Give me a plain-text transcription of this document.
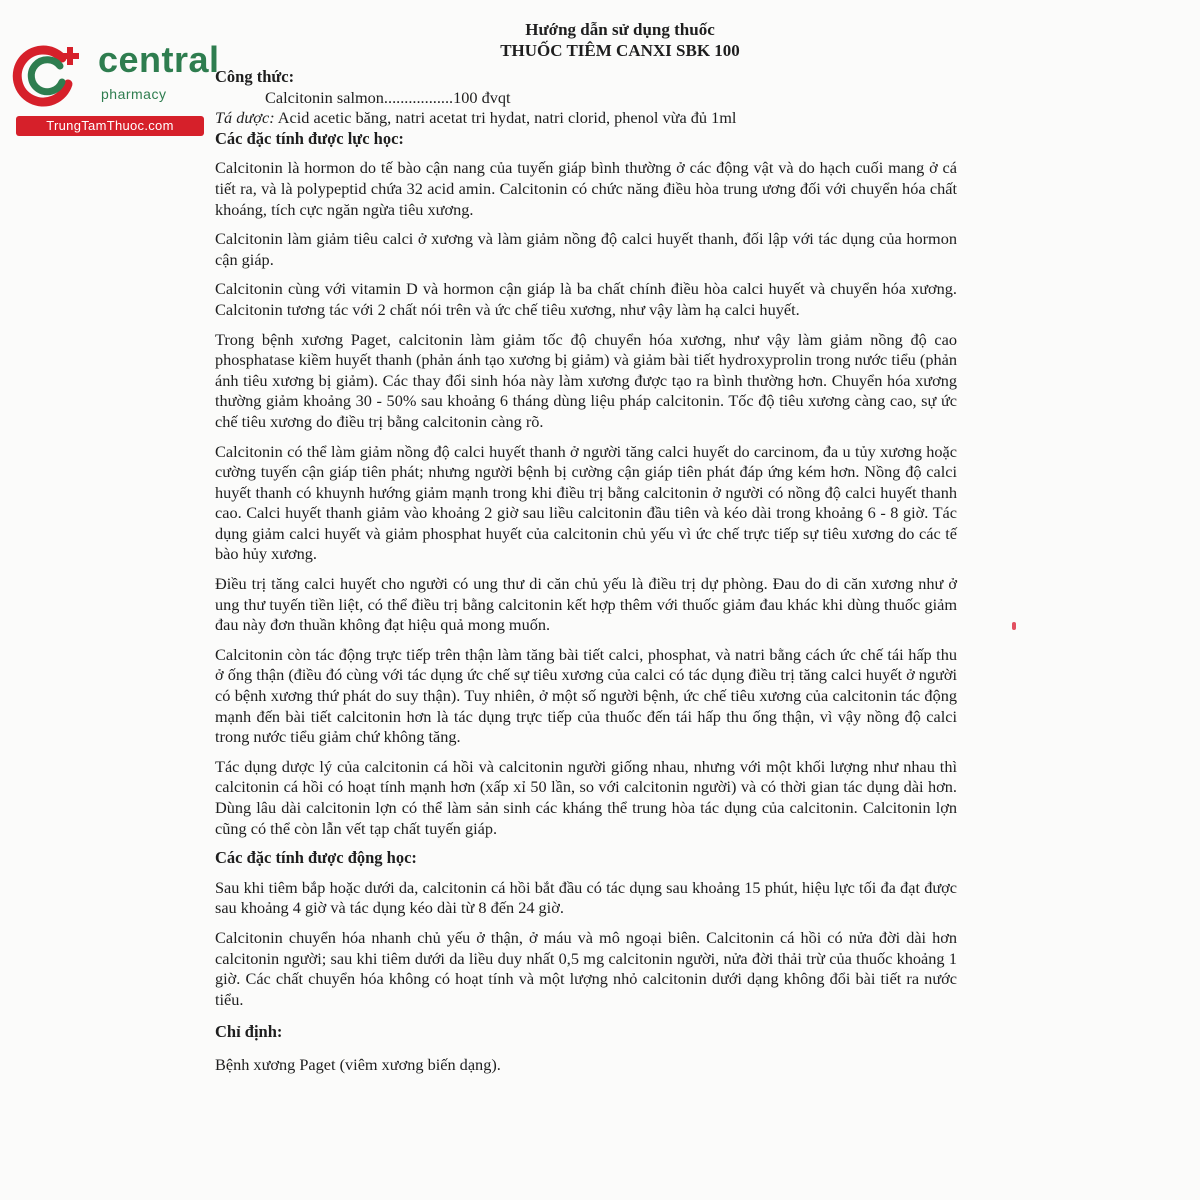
central
pharmacy
TrungTamThuoc.com
Hướng dẫn sử dụng thuốc
THUỐC TIÊM CANXI SBK 100

Công thức:

Calcitonin salmon.................100 đvqt

Tá dược: Acid acetic băng, natri acetat tri hydat, natri clorid, phenol vừa đủ 1ml

Các đặc tính được lực học:

Calcitonin là hormon do tế bào cận nang của tuyến giáp bình thường ở các động vật và do hạch cuối mang ở cá tiết ra, và là polypeptid chứa 32 acid amin. Calcitonin có chức năng điều hòa trung ương đối với chuyển hóa chất khoáng, tích cực ngăn ngừa tiêu xương.

Calcitonin làm giảm tiêu calci ở xương và làm giảm nồng độ calci huyết thanh, đối lập với tác dụng của hormon cận giáp.

Calcitonin cùng với vitamin D và hormon cận giáp là ba chất chính điều hòa calci huyết và chuyển hóa xương. Calcitonin tương tác với 2 chất nói trên và ức chế tiêu xương, như vậy làm hạ calci huyết.

Trong bệnh xương Paget, calcitonin làm giảm tốc độ chuyển hóa xương, như vậy làm giảm nồng độ cao phosphatase kiềm huyết thanh (phản ánh tạo xương bị giảm) và giảm bài tiết hydroxyprolin trong nước tiểu (phản ánh tiêu xương bị giảm). Các thay đổi sinh hóa này làm xương được tạo ra bình thường hơn. Chuyển hóa xương thường giảm khoảng 30 - 50% sau khoảng 6 tháng dùng liệu pháp calcitonin. Tốc độ tiêu xương càng cao, sự ức chế tiêu xương do điều trị bằng calcitonin càng rõ.

Calcitonin có thể làm giảm nồng độ calci huyết thanh ở người tăng calci huyết do carcinom, đa u tủy xương hoặc cường tuyến cận giáp tiên phát; nhưng người bệnh bị cường cận giáp tiên phát đáp ứng kém hơn. Nồng độ calci huyết thanh có khuynh hướng giảm mạnh trong khi điều trị bằng calcitonin ở người có nồng độ calci huyết thanh cao. Calci huyết thanh giảm vào khoảng 2 giờ sau liều calcitonin đầu tiên và kéo dài trong khoảng 6 - 8 giờ. Tác dụng giảm calci huyết và giảm phosphat huyết của calcitonin chủ yếu vì ức chế trực tiếp sự tiêu xương do các tế bào hủy xương.

Điều trị tăng calci huyết cho người có ung thư di căn chủ yếu là điều trị dự phòng. Đau do di căn xương như ở ung thư tuyến tiền liệt, có thể điều trị bằng calcitonin kết hợp thêm với thuốc giảm đau khác khi dùng thuốc giảm đau này đơn thuần không đạt hiệu quả mong muốn.

Calcitonin còn tác động trực tiếp trên thận làm tăng bài tiết calci, phosphat, và natri bằng cách ức chế tái hấp thu ở ống thận (điều đó cùng với tác dụng ức chế sự tiêu xương của calci có tác dụng điều trị tăng calci huyết ở người có bệnh xương thứ phát do suy thận). Tuy nhiên, ở một số người bệnh, ức chế tiêu xương của calcitonin tác động mạnh đến bài tiết calcitonin hơn là tác dụng trực tiếp của thuốc đến tái hấp thu ống thận, vì vậy nồng độ calci trong nước tiểu giảm chứ không tăng.

Tác dụng dược lý của calcitonin cá hồi và calcitonin người giống nhau, nhưng với một khối lượng như nhau thì calcitonin cá hồi có hoạt tính mạnh hơn (xấp xỉ 50 lần, so với calcitonin người) và có thời gian tác dụng dài hơn. Dùng lâu dài calcitonin lợn có thể làm sản sinh các kháng thể trung hòa tác dụng của calcitonin. Calcitonin lợn cũng có thể còn lẫn vết tạp chất tuyến giáp.

Các đặc tính được động học:

Sau khi tiêm bắp hoặc dưới da, calcitonin cá hồi bắt đầu có tác dụng sau khoảng 15 phút, hiệu lực tối đa đạt được sau khoảng 4 giờ và tác dụng kéo dài từ 8 đến 24 giờ.

Calcitonin chuyển hóa nhanh chủ yếu ở thận, ở máu và mô ngoại biên. Calcitonin cá hồi có nửa đời dài hơn calcitonin người; sau khi tiêm dưới da liều duy nhất 0,5 mg calcitonin người, nửa đời thải trừ của thuốc khoảng 1 giờ. Các chất chuyển hóa không có hoạt tính và một lượng nhỏ calcitonin dưới dạng không đổi bài tiết ra nước tiểu.

Chỉ định:

Bệnh xương Paget (viêm xương biến dạng).
